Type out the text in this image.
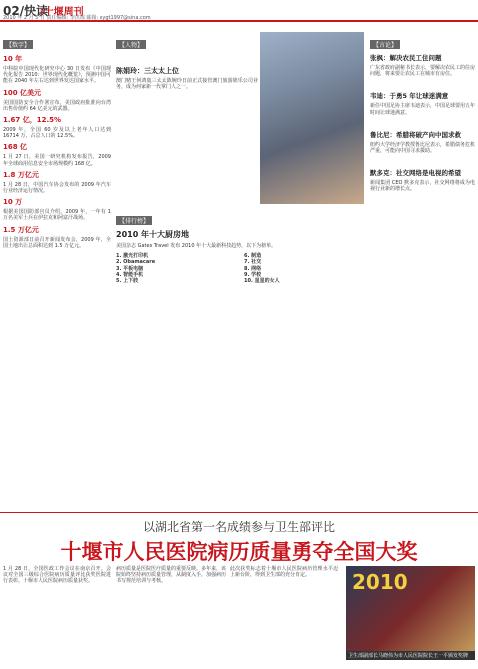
02/快读
/十堰周刊
2010 年 2 月 5 日 责任编辑: 李洪琼 邮箱: sygt1997@sina.com
【数字】
10 年
中科院中国现代化研究中心 30 日发布《中国现代化报告 2010：世界现代化概览》，预测中国可能在 2040 年左右达到世界发达国家水平。
100 亿美元
美国国防安全合作署宣布，美国政府批准向台湾出售价值约 64 亿美元的武器。
1.67 亿，12.5%
2009 年，全国 60 岁及以上老年人口达到 16714 万，占总人口的 12.5%。
168 亿
1 月 27 日，美国一研究机构发布报告，2009 年全球商用信息安全市场规模约 168 亿。
1.8 万亿元
1 月 28 日，中国汽车协会发布的 2009 年汽车行业经济运行情况。
10 万
根据美国国防部官员介绍，2009 年，一年有 1 万名美军士兵在伊拉克和阿富汗战场。
1.5 万亿元
国土资源部日前召开新闻发布会，2009 年，全国土地出让总面积达到 1.5 万亿元。
【人物】
陈娟玲：三太太上位
澳门赌王何鸿燊三太太陈婉玲日前正式接管澳门旅游娱乐公司业务，成为何家新一代掌门人之一。
【排行榜】
2010 年十大厨房地
美国杂志 Gates Travel 发布 2010 年十大最新科技趋势，以下为榜单。
1. 激光打印机
2. Obamacare
3. 平板电脑
4. 智能手机
5. 上下肢
6. 制造
7. 社交
8. 网络
9. 学校
10. 星星的女人
【言论】
张枫：解决农民工住问题
广东省政府副秘书长表示，要解决农民工的住房问题，将来要让农民工在城市有房住。
韦迪：于勇5 年让球迷满意
新任中国足协主席韦迪表示，中国足球要用五年时间让球迷满意。
鲁比尼：希腊将破产向中国求救
纽约大学经济学教授鲁比尼表示，希腊债务危机严重，可能向中国寻求援助。
默多克：社交网络是电视的希望
新闻集团 CEO 默多克表示，社交网络将成为电视行业新的增长点。
以湖北省第一名成绩参与卫生部评比
十堰市人民医院病历质量勇夺全国大奖
1 月 28 日，全国医政工作会议在南京召开。会议对全国三级综合医院病历质量评比获奖医院进行表彰。十堰市人民医院病历质量获奖。
病历质量是医院医疗质量的重要反映。多年来，该院始终坚持病历质量管理，从制度入手，加强病历书写规范培训与考核。
此次获奖标志着十堰市人民医院病历管理水平迈上新台阶，得到卫生部的充分肯定。	2010
卫生部副部长马晓伟为市人民医院院长王一平颁发奖牌
